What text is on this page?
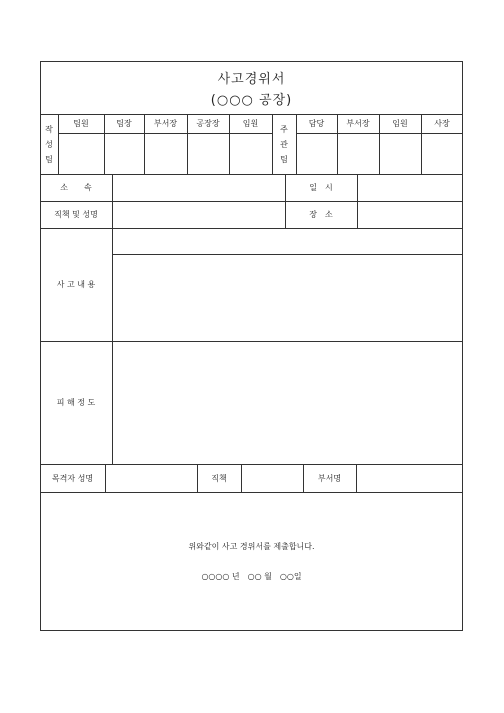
사고경위서
(○○○ 공장)
작
성
팀
팀원	팀장	부서장	공장장	임원
주
관
팀
담당	부서장	임원	사장
소　　속	일　시
직책 및 성명	장　소
사 고 내 용
피 해 정 도
목격자 성명	직책	부서명
위와같이 사고 경위서를 제출합니다.
○○○○ 년　○○ 월　○○일
